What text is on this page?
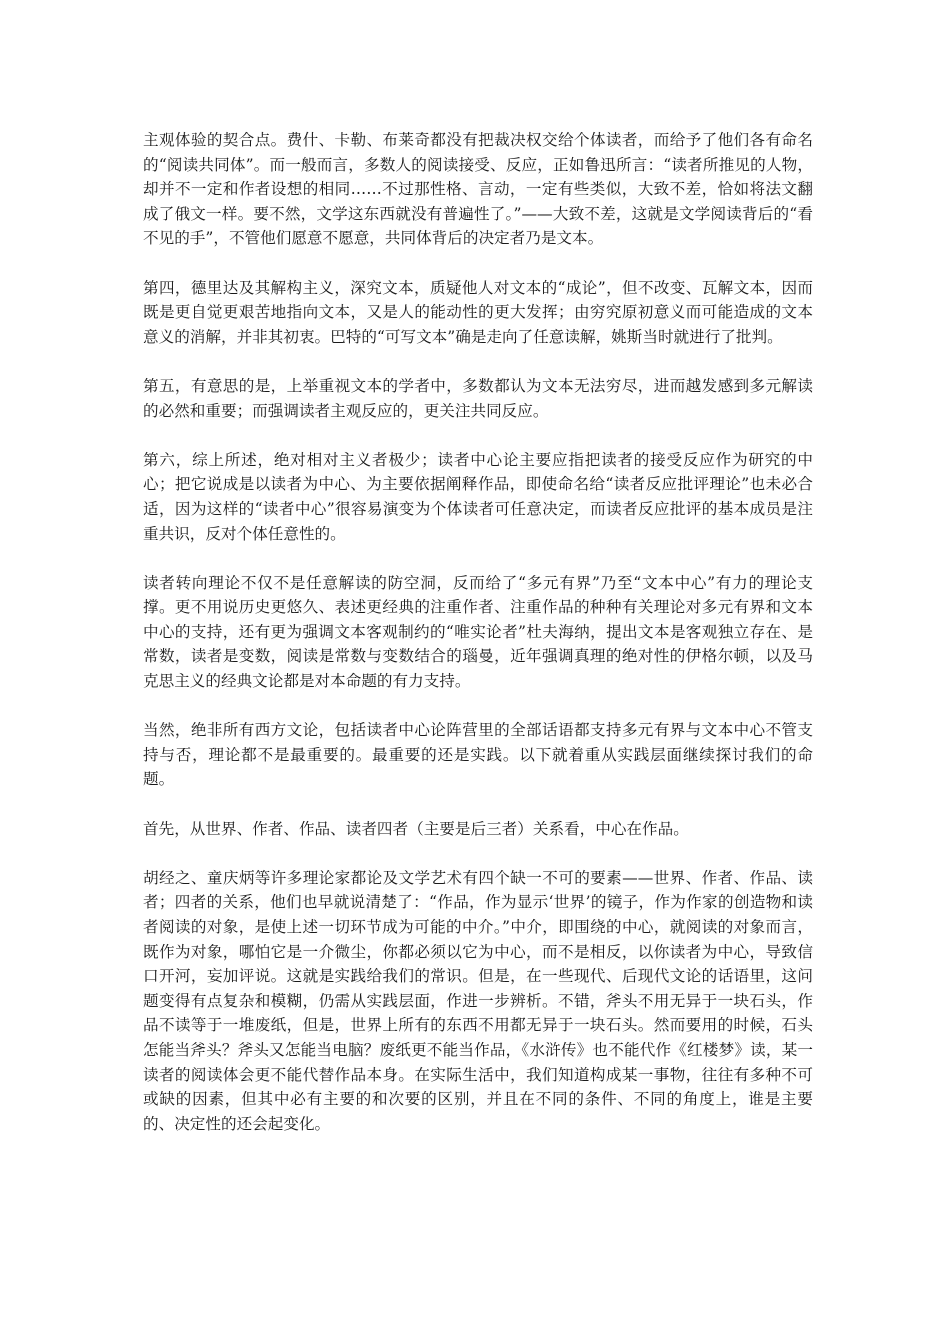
主观体验的契合点。费什、卡勒、布莱奇都没有把裁决权交给个体读者，而给予了他们各有命名的“阅读共同体”。而一般而言，多数人的阅读接受、反应，正如鲁迅所言：“读者所推见的人物，却并不一定和作者设想的相同……不过那性格、言动，一定有些类似，大致不差，恰如将法文翻成了俄文一样。要不然，文学这东西就没有普遍性了。”——大致不差，这就是文学阅读背后的“看不见的手”，不管他们愿意不愿意，共同体背后的决定者乃是文本。

第四，德里达及其解构主义，深究文本，质疑他人对文本的“成论”，但不改变、瓦解文本，因而既是更自觉更艰苦地指向文本，又是人的能动性的更大发挥；由穷究原初意义而可能造成的文本意义的消解，并非其初衷。巴特的“可写文本”确是走向了任意读解，姚斯当时就进行了批判。

第五，有意思的是，上举重视文本的学者中，多数都认为文本无法穷尽，进而越发感到多元解读的必然和重要；而强调读者主观反应的，更关注共同反应。

第六，综上所述，绝对相对主义者极少；读者中心论主要应指把读者的接受反应作为研究的中心；把它说成是以读者为中心、为主要依据阐释作品，即使命名给“读者反应批评理论”也未必合适，因为这样的“读者中心”很容易演变为个体读者可任意决定，而读者反应批评的基本成员是注重共识，反对个体任意性的。

读者转向理论不仅不是任意解读的防空洞，反而给了“多元有界”乃至“文本中心”有力的理论支撑。更不用说历史更悠久、表述更经典的注重作者、注重作品的种种有关理论对多元有界和文本中心的支持，还有更为强调文本客观制约的“唯实论者”杜夫海纳，提出文本是客观独立存在、是常数，读者是变数，阅读是常数与变数结合的瑙曼，近年强调真理的绝对性的伊格尔顿，以及马克思主义的经典文论都是对本命题的有力支持。

当然，绝非所有西方文论，包括读者中心论阵营里的全部话语都支持多元有界与文本中心不管支持与否，理论都不是最重要的。最重要的还是实践。以下就着重从实践层面继续探讨我们的命题。

首先，从世界、作者、作品、读者四者（主要是后三者）关系看，中心在作品。

胡经之、童庆炳等许多理论家都论及文学艺术有四个缺一不可的要素——世界、作者、作品、读者；四者的关系，他们也早就说清楚了：“作品，作为显示‘世界’的镜子，作为作家的创造物和读者阅读的对象，是使上述一切环节成为可能的中介。”中介，即围绕的中心，就阅读的对象而言，既作为对象，哪怕它是一介微尘，你都必须以它为中心，而不是相反，以你读者为中心，导致信口开河，妄加评说。这就是实践给我们的常识。但是，在一些现代、后现代文论的话语里，这问题变得有点复杂和模糊，仍需从实践层面，作进一步辨析。不错，斧头不用无异于一块石头，作品不读等于一堆废纸，但是，世界上所有的东西不用都无异于一块石头。然而要用的时候，石头怎能当斧头？斧头又怎能当电脑？废纸更不能当作品，《水浒传》也不能代作《红楼梦》读，某一读者的阅读体会更不能代替作品本身。在实际生活中，我们知道构成某一事物，往往有多种不可或缺的因素，但其中必有主要的和次要的区别，并且在不同的条件、不同的角度上，谁是主要的、决定性的还会起变化。
